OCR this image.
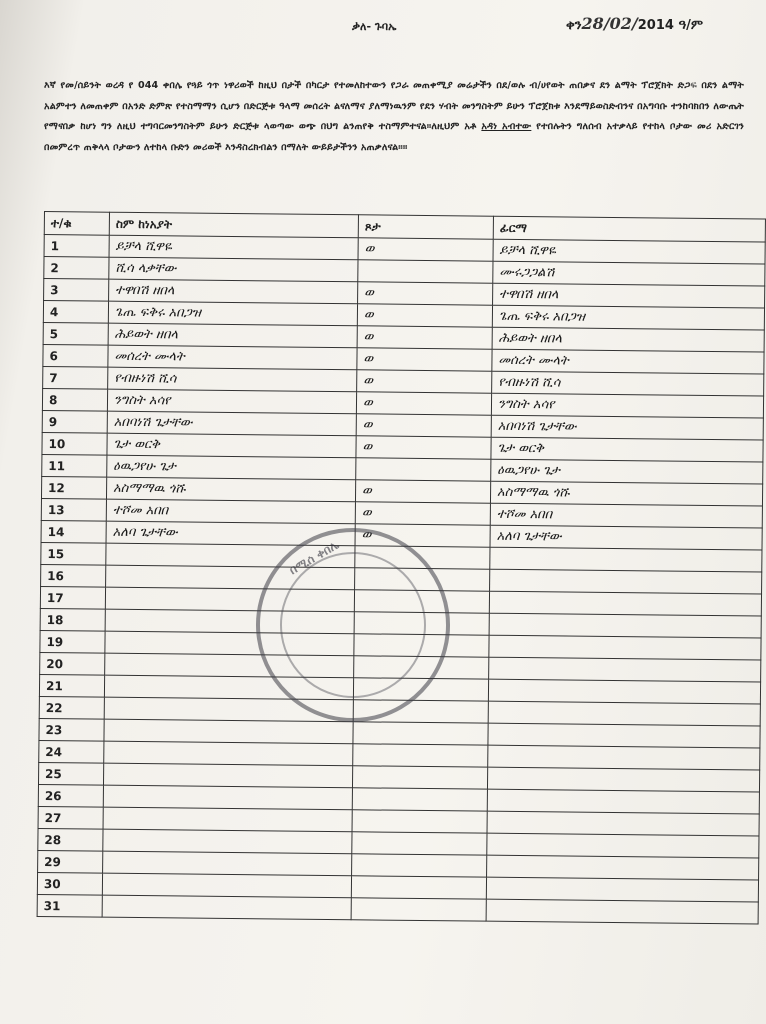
ቃለ- ጉባኤ	ቀን28/02/2014 ዓ/ም
እኛ የመ/ሰይንት ወረዳ የ 044 ቀበሌ የጓይ ጎጥ ነዋሪወች ከዚህ በታች በካርታ የተመለከተውን የጋራ መጠቀሚያ መሬታችን በደ/ወሉ ብ/ሀየወት ጠበቃና ደን ልማት ፕሮጀክት ድጋፍ በደን ልማት አልምተን ለመጠቀም በአንድ ድምጽ የተስማማን ሲሆን በድርጅቱ ዓላማ መሰረት ልናለማና ያለማነዉንም የደን ሃብት መንግስትም ይሁን ፕሮጀክቱ እንደማይወስድብንና በአግባቡ ተንከባክበን ለውጤት የማናበቃ ከሆነ ግን ለዚህ ተግባርመንግስትም ይሁን ድርጅቱ ላወጣው ወጭ በህግ ልንጠየቅ ተስማምተናል።ለዚህም አቶ አዳነ አብተው የተበሉትን ግለሰብ አተቃላይ የተከላ ቦታው መሪ አድርገን በመምረጥ ጠቅላላ ቦታውን ለተከላ ቡድን መሪወች እንዳስረክብልን በማለት ውይይታችንን አጠቃለናል።።
ተ/ቁ	ስም ከነአያት	ጾታ	ፊርማ
1	ይቻላ ሺዋዬ	ወ	ይቻላ ሺዋዬ
2	ሺሳ ላቃቸው		ሙሩጋጋልሽ
3	ተዋበሽ ዘበላ	ወ	ተዋበሽ ዘበላ
4	ጌጤ ፍቅሩ አበጋዝ	ወ	ጌጤ ፍቅሩ አበጋዝ
5	ሕይወት ዘበላ	ወ	ሕይወት ዘበላ
6	መሰረት ሙላት	ወ	መሰረት ሙላት
7	የብዙነሽ ሺሳ	ወ	የብዙነሽ ሺሳ
8	ንግስት አሳየ	ወ	ንግስት አሳየ
9	አበባነሽ ጌታቸው	ወ	አበባነሽ ጌታቸው
10	ጌታ ወርቅ	ወ	ጌታ ወርቅ
11	ዕዉጋየሁ ጌታ		ዕዉጋየሁ ጌታ
12	አስማማዉ ጎሹ	ወ	አስማማዉ ጎሹ
13	ተሾመ አበበ	ወ	ተሾመ አበበ
14	አለባ ጌታቸው	ወ	አለባ ጌታቸው
15			
16			
17			
18			
19			
20			
21			
22			
23			
24			
25			
26			
27			
28			
29			
30			
31			
በሚሰ ቀበሌ
